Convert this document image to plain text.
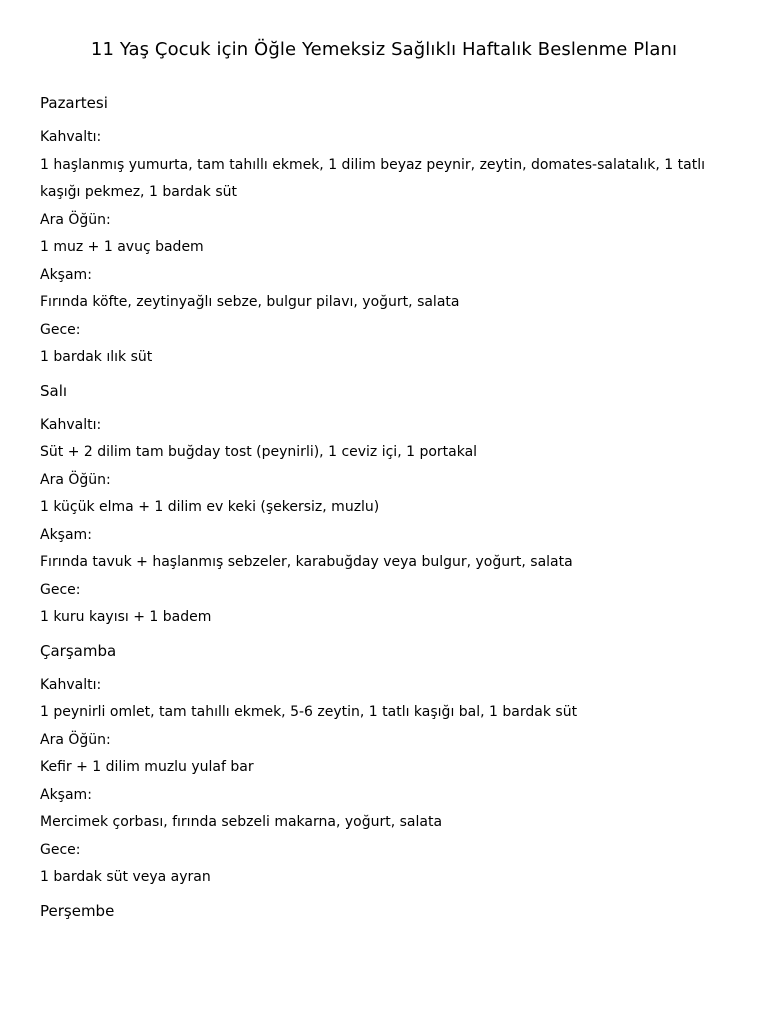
11 Yaş Çocuk için Öğle Yemeksiz Sağlıklı Haftalık Beslenme Planı
Pazartesi

Kahvaltı:

1 haşlanmış yumurta, tam tahıllı ekmek, 1 dilim beyaz peynir, zeytin, domates-salatalık, 1 tatlı kaşığı pekmez, 1 bardak süt

Ara Öğün:

1 muz + 1 avuç badem

Akşam:

Fırında köfte, zeytinyağlı sebze, bulgur pilavı, yoğurt, salata

Gece:

1 bardak ılık süt

Salı

Kahvaltı:

Süt + 2 dilim tam buğday tost (peynirli), 1 ceviz içi, 1 portakal

Ara Öğün:

1 küçük elma + 1 dilim ev keki (şekersiz, muzlu)

Akşam:

Fırında tavuk + haşlanmış sebzeler, karabuğday veya bulgur, yoğurt, salata

Gece:

1 kuru kayısı + 1 badem

Çarşamba

Kahvaltı:

1 peynirli omlet, tam tahıllı ekmek, 5-6 zeytin, 1 tatlı kaşığı bal, 1 bardak süt

Ara Öğün:

Kefir + 1 dilim muzlu yulaf bar

Akşam:

Mercimek çorbası, fırında sebzeli makarna, yoğurt, salata

Gece:

1 bardak süt veya ayran

Perşembe
